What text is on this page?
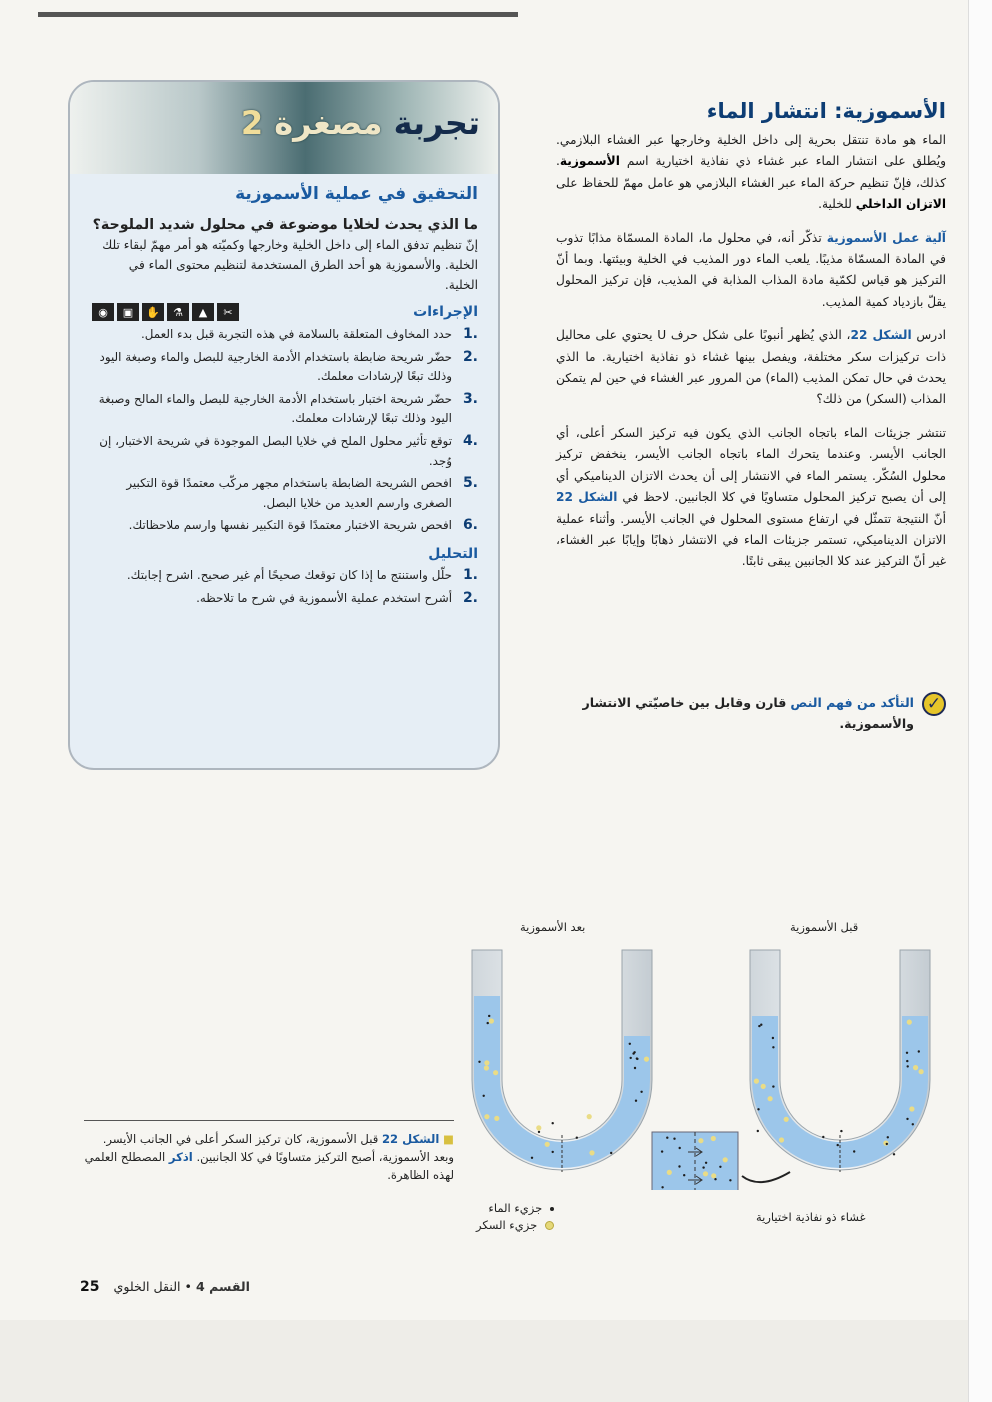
الأسموزية: انتشار الماء

الماء هو مادة تنتقل بحرية إلى داخل الخلية وخارجها عبر الغشاء البلازمي. ويُطلق على انتشار الماء عبر غشاء ذي نفاذية اختيارية اسم الأسموزية. كذلك، فإنّ تنظيم حركة الماء عبر الغشاء البلازمي هو عامل مهمّ للحفاظ على الاتزان الداخلي للخلية.

آلية عمل الأسموزية تذكّر أنه، في محلول ما، المادة المسمّاة مذابًا تذوب في المادة المسمّاة مذيبًا. يلعب الماء دور المذيب في الخلية وبيئتها. وبما أنّ التركيز هو قياس لكمّية مادة المذاب المذابة في المذيب، فإن تركيز المحلول يقلّ بازدياد كمية المذيب.

ادرس الشكل 22، الذي يُظهر أنبوبًا على شكل حرف U يحتوي على محاليل ذات تركيزات سكر مختلفة، ويفصل بينها غشاء ذو نفاذية اختيارية. ما الذي يحدث في حال تمكن المذيب (الماء) من المرور عبر الغشاء في حين لم يتمكن المذاب (السكر) من ذلك؟

تنتشر جزيئات الماء باتجاه الجانب الذي يكون فيه تركيز السكر أعلى، أي الجانب الأيسر. وعندما يتحرك الماء باتجاه الجانب الأيسر، ينخفض تركيز محلول السُكّر. يستمر الماء في الانتشار إلى أن يحدث الاتزان الديناميكي أي إلى أن يصبح تركيز المحلول متساويًا في كلا الجانبين. لاحظ في الشكل 22 أنّ النتيجة تتمثّل في ارتفاع مستوى المحلول في الجانب الأيسر. وأثناء عملية الاتزان الديناميكي، تستمر جزيئات الماء في الانتشار ذهابًا وإيابًا عبر الغشاء، غير أنّ التركيز عند كلا الجانبين يبقى ثابتًا.

✓
التأكد من فهم النص قارن وقابل بين خاصيّتي الانتشار والأسموزية.
تجربة مصغرة 2
التحقيق في عملية الأسموزية

ما الذي يحدث لخلايا موضوعة في محلول شديد الملوحة؟

إنّ تنظيم تدفق الماء إلى داخل الخلية وخارجها وكميّته هو أمر مهمّ لبقاء تلك الخلية. والأسموزية هو أحد الطرق المستخدمة لتنظيم محتوى الماء في الخلية.

الإجراءات
◉	▣	✋	⚗	▲	✂
1.
حدد المخاوف المتعلقة بالسلامة في هذه التجربة قبل بدء العمل.
2.
حضّر شريحة ضابطة باستخدام الأدمة الخارجية للبصل والماء وصبغة اليود وذلك تبعًا لإرشادات معلمك.
3.
حضّر شريحة اختبار باستخدام الأدمة الخارجية للبصل والماء المالح وصبغة اليود وذلك تبعًا لإرشادات معلمك.
4.
توقع تأثير محلول الملح في خلايا البصل الموجودة في شريحة الاختبار، إن وُجد.
5.
افحص الشريحة الضابطة باستخدام مجهر مركّب معتمدًا قوة التكبير الصغرى وارسم العديد من خلايا البصل.
6.
افحص شريحة الاختبار معتمدًا قوة التكبير نفسها وارسم ملاحظاتك.
التحليل
1.
حلّل واستنتج ما إذا كان توقعك صحيحًا أم غير صحيح. اشرح إجابتك.
2.
أشرح استخدم عملية الأسموزية في شرح ما تلاحظه.
بعد الأسموزية	قبل الأسموزية
غشاء ذو نفاذية اختيارية
جزيء الماء
جزيء السكر
■ الشكل 22 قبل الأسموزية، كان تركيز السكر أعلى في الجانب الأيسر. وبعد الأسموزية، أصبح التركيز متساويًا في كلا الجانبين. اذكر المصطلح العلمي لهذه الظاهرة.
القسم 4 • النقل الخلوي 25
